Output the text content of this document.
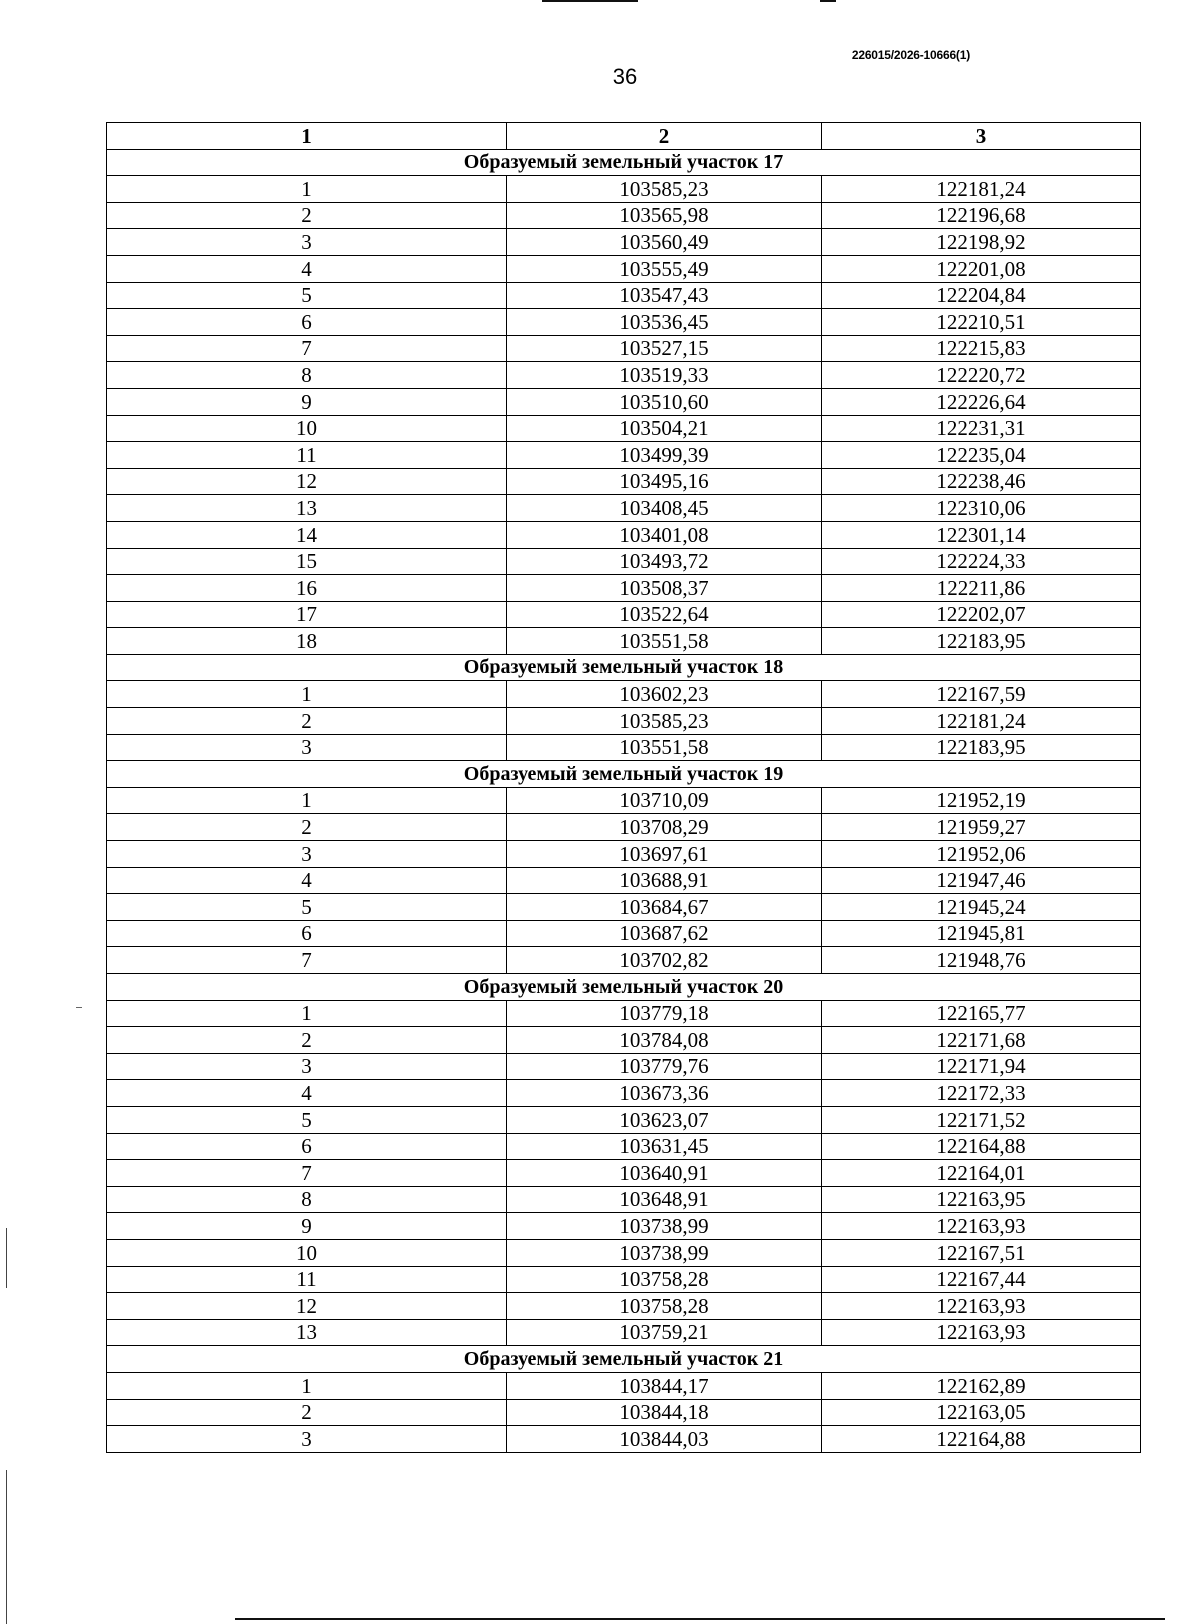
226015/2026-10666(1)
36
1	2	3
Образуемый земельный участок 17		
1	103585,23	122181,24
2	103565,98	122196,68
3	103560,49	122198,92
4	103555,49	122201,08
5	103547,43	122204,84
6	103536,45	122210,51
7	103527,15	122215,83
8	103519,33	122220,72
9	103510,60	122226,64
10	103504,21	122231,31
11	103499,39	122235,04
12	103495,16	122238,46
13	103408,45	122310,06
14	103401,08	122301,14
15	103493,72	122224,33
16	103508,37	122211,86
17	103522,64	122202,07
18	103551,58	122183,95
Образуемый земельный участок 18		
1	103602,23	122167,59
2	103585,23	122181,24
3	103551,58	122183,95
Образуемый земельный участок 19		
1	103710,09	121952,19
2	103708,29	121959,27
3	103697,61	121952,06
4	103688,91	121947,46
5	103684,67	121945,24
6	103687,62	121945,81
7	103702,82	121948,76
Образуемый земельный участок 20		
1	103779,18	122165,77
2	103784,08	122171,68
3	103779,76	122171,94
4	103673,36	122172,33
5	103623,07	122171,52
6	103631,45	122164,88
7	103640,91	122164,01
8	103648,91	122163,95
9	103738,99	122163,93
10	103738,99	122167,51
11	103758,28	122167,44
12	103758,28	122163,93
13	103759,21	122163,93
Образуемый земельный участок 21		
1	103844,17	122162,89
2	103844,18	122163,05
3	103844,03	122164,88
